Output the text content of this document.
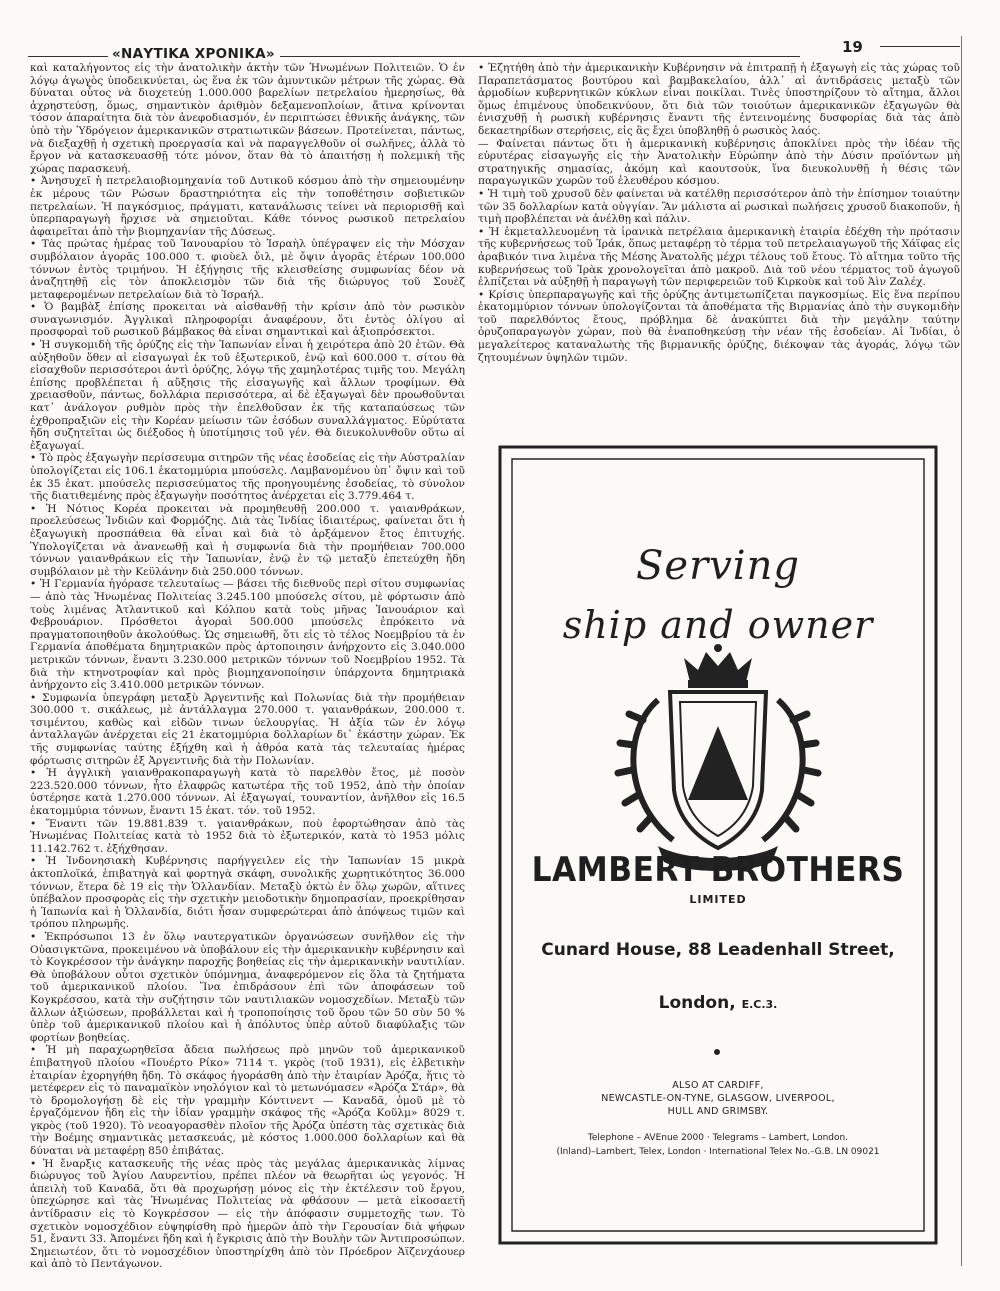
«ΝΑΥΤΙΚΑ ΧΡΟΝΙΚΑ»	19

καὶ καταλήγοντος εἰς τὴν ἀνατολικὴν ἀκτὴν τῶν Ἡνωμένων Πολιτειῶν. Ὁ ἐν λόγῳ ἀγωγὸς ὑποδεικνύεται, ὡς ἕνα ἐκ τῶν ἀμυντικῶν μέτρων τῆς χώρας. Θὰ δύναται οὗτος νὰ διοχετεύῃ 1.000.000 βαρελίων πετρελαίου ἡμερησίως, θὰ ἀχρηστεύσῃ, ὅμως, σημαντικὸν ἀριθμὸν δεξαμενοπλοίων, ἄτινα κρίνονται τόσον ἀπαραίτητα διὰ τὸν ἀνεφοδιασμόν, ἐν περιπτώσει ἐθνικῆς ἀνάγκης, τῶν ὑπὸ τὴν Ὑδρόγειον ἀμερικανικῶν στρατιωτικῶν βάσεων. Προτείνεται, πάντως, νὰ διεξαχθῇ ἡ σχετικὴ προεργασία καὶ νὰ παραγγελθοῦν οἱ σωλῆνες, ἀλλὰ τὸ ἔργον νὰ κατασκευασθῇ τότε μόνον, ὅταν θὰ τὸ ἀπαιτήσῃ ἡ πολεμικὴ τῆς χώρας παρασκευή.

• Ἀνησυχεῖ ἡ πετρελαιοβιομηχανία τοῦ Δυτικοῦ κόσμου ἀπὸ τὴν σημειουμένην ἐκ μέρους τῶν Ρώσων δραστηριότητα εἰς τὴν τοποθέτησιν σοβιετικῶν πετρελαίων. Ἡ παγκόσμιος, πράγματι, κατανάλωσις τείνει νὰ περιορισθῇ καὶ ὑπερπαραγωγὴ ἤρχισε νὰ σημειοῦται. Κάθε τόννος ρωσικοῦ πετρελαίου ἀφαιρεῖται ἀπὸ τὴν βιομηχανίαν τῆς Δύσεως.

• Τὰς πρώτας ἡμέρας τοῦ Ἰανουαρίου τὸ Ἰσραὴλ ὑπέγραψεν εἰς τὴν Μόσχαν συμβόλαιον ἀγορᾶς 100.000 τ. φιοὺελ ὄιλ, μὲ ὄψιν ἀγορᾶς ἑτέρων 100.000 τόννων ἐντὸς τριμήνου. Ἡ ἐξήγησις τῆς κλεισθείσης συμφωνίας δέον νὰ ἀναζητηθῇ εἰς τὸν ἀποκλεισμὸν τῶν διὰ τῆς διώρυγος τοῦ Σουὲζ μεταφερομένων πετρελαίων διὰ τὸ Ἰσραήλ.

• Ὁ βαμβὰξ ἐπίσης προκειται νὰ αἰσθανθῇ τὴν κρίσιν ἀπὸ τὸν ρωσικὸν συναγωνισμόν. Ἀγγλικαὶ πληροφορίαι ἀναφέρουν, ὅτι ἐντὸς ὀλίγου αἱ προσφοραὶ τοῦ ρωσικοῦ βάμβακος θὰ εἶναι σημαντικαὶ καὶ ἀξιοπρόσεκτοι.

• Ἡ συγκομιδὴ τῆς ὀρύζης εἰς τὴν Ἰαπωνίαν εἶναι ἡ χειρότερα ἀπὸ 20 ἐτῶν. Θὰ αὐξηθοῦν ὅθεν αἱ εἰσαγωγαὶ ἐκ τοῦ ἐξωτερικοῦ, ἐνῷ καὶ 600.000 τ. σίτου θὰ εἰσαχθοῦν περισσότεροι ἀντὶ ὀρύζης, λόγῳ τῆς χαμηλοτέρας τιμῆς του. Μεγάλη ἐπίσης προβλέπεται ἡ αὔξησις τῆς εἰσαγωγῆς καὶ ἄλλων τροφίμων. Θὰ χρειασθοῦν, πάντως, δολλάρια περισσότερα, αἱ δὲ ἐξαγωγαὶ δὲν προωθοῦνται κατ᾽ ἀνάλογον ρυθμὸν πρὸς τὴν ἐπελθοῦσαν ἐκ τῆς καταπαύσεως τῶν ἐχθροπραξιῶν εἰς τὴν Κορέαν μείωσιν τῶν ἐσόδων συναλλάγματος. Εὑρύτατα ἤδη συζητεῖται ὡς διέξοδος ἡ ὑποτίμησις τοῦ γέν. Θὰ διευκολυνθοῦν οὕτω αἱ ἐξαγωγαί.

• Τὸ πρὸς ἐξαγωγὴν περίσσευμα σιτηρῶν τῆς νέας ἐσοδείας εἰς τὴν Αὐστραλίαν ὑπολογίζεται εἰς 106.1 ἑκατομμύρια μπούσελς. Λαμβανομένου ὑπ᾽ ὄψιν καὶ τοῦ ἐκ 35 ἑκατ. μπούσελς περισσεύματος τῆς προηγουμένης ἐσοδείας, τὸ σύνολον τῆς διατιθεμένης πρὸς ἐξαγωγὴν ποσότητος ἀνέρχεται εἰς 3.779.464 τ.

• Ἡ Νότιος Κορέα προκειται νὰ προμηθευθῇ 200.000 τ. γαιανθράκων, προελεύσεως Ἰνδιῶν καὶ Φορμόζης. Διὰ τὰς Ἰνδίας ἰδιαιτέρως, φαίνεται ὅτι ἡ ἐξαγωγικὴ προσπάθεια θὰ εἶναι καὶ διὰ τὸ ἀρξάμενον ἔτος ἐπιτυχής. Ὑπολογίζεται νὰ ἀνανεωθῇ καὶ ἡ συμφωνία διὰ τὴν προμήθειαν 700.000 τόννων γαιανθράκων εἰς τὴν Ἰαπωνίαν, ἐνῷ ἐν τῷ μεταξὺ ἐπετεύχθη ἤδη συμβόλαιον μὲ τὴν Κεϋλάνην διὰ 250.000 τόννων.

• Ἡ Γερμανία ἠγόρασε τελευταίως — βάσει τῆς διεθνοῦς περὶ σίτου συμφωνίας — ἀπὸ τὰς Ἡνωμένας Πολιτείας 3.245.100 μπούσελς σίτου, μὲ φόρτωσιν ἀπὸ τοὺς λιμένας Ἀτλαντικοῦ καὶ Κόλπου κατὰ τοὺς μῆνας Ἰανουάριον καὶ Φεβρουάριον. Πρόσθετοι ἀγοραὶ 500.000 μπούσελς ἐπρόκειτο νὰ πραγματοποιηθοῦν ἀκολούθως. Ὡς σημειωθῆ, ὅτι εἰς τὸ τέλος Νοεμβρίου τὰ ἐν Γερμανία ἀποθέματα δημητριακῶν πρὸς ἀρτοποιησιν ἀνήρχοντο εἰς 3.040.000 μετρικῶν τόννων, ἔναντι 3.230.000 μετρικῶν τόννων τοῦ Νοεμβρίου 1952. Τὰ διὰ τὴν κτηνοτροφίαν καὶ πρὸς βιομηχανοποίησιν ὑπάρχοντα δημητριακὰ ἀνήρχοντο εἰς 3.410.000 μετρικῶν τόννων.

• Συμφωνία ὑπεγράφη μεταξὺ Ἀργεντινῆς καὶ Πολωνίας διὰ τὴν προμήθειαν 300.000 τ. σικάλεως, μὲ ἀντάλλαγμα 270.000 τ. γαιανθράκων, 200.000 τ. τσιμέντου, καθὼς καὶ εἰδῶν τινων ὑελουργίας. Ἡ ἀξία τῶν ἐν λόγῳ ἀνταλλαγῶν ἀνέρχεται εἰς 21 ἑκατομμύρια δολλαρίων δι᾽ ἑκάστην χώραν. Ἐκ τῆς συμφωνίας ταύτης ἐξήχθη καὶ ἡ ἀθρόα κατὰ τὰς τελευταίας ἡμέρας φόρτωσις σιτηρῶν ἐξ Ἀργεντινῆς διὰ τὴν Πολωνίαν.

• Ἡ ἀγγλικὴ γαιανθρακοπαραγωγὴ κατὰ τὸ παρελθὸν ἔτος, μὲ ποσὸν 223.520.000 τόννων, ἦτο ἐλαφρῶς κατωτέρα τῆς τοῦ 1952, ἀπὸ τὴν ὁποίαν ὑστέρησε κατὰ 1.270.000 τόννων. Αἱ ἐξαγωγαί, τουναντίον, ἀνῆλθον εἰς 16.5 ἑκατομμύρια τόννων, ἔναντι 15 ἑκατ. τόν. τοῦ 1952.

• Ἔναντι τῶν 19.881.839 τ. γαιανθράκων, ποὺ ἐφορτώθησαν ἀπὸ τὰς Ἡνωμένας Πολιτείας κατὰ τὸ 1952 διὰ τὸ ἐξωτερικόν, κατὰ τὸ 1953 μόλις 11.142.762 τ. ἐξήχθησαν.

• Ἡ Ἰνδονησιακὴ Κυβέρνησις παρήγγειλεν εἰς τὴν Ἰαπωνίαν 15 μικρὰ ἀκτοπλοϊκά, ἐπιβατηγὰ καὶ φορτηγὰ σκάφη, συνολικῆς χωρητικότητος 36.000 τόννων, ἕτερα δὲ 19 εἰς τὴν Ὁλλανδίαν. Μεταξὺ ὀκτὼ ἐν ὅλῳ χωρῶν, αἵτινες ὑπέβαλον προσφορὰς εἰς τὴν σχετικὴν μειοδοτικὴν δημοπρασίαν, προεκρίθησαν ἡ Ἰαπωνία καὶ ἡ Ὁλλανδία, διότι ἦσαν συμφερώτεραι ἀπὸ ἀπόψεως τιμῶν καὶ τρόπου πληρωμῆς.

• Ἐκπρόσωποι 13 ἐν ὅλῳ ναυτεργατικῶν ὀργανώσεων συνῆλθον εἰς τὴν Οὐασιγκτῶνα, προκειμένου νὰ ὑποβάλουν εἰς τὴν ἀμερικανικὴν κυβέρνησιν καὶ τὸ Κογκρέσσον τὴν ἀνάγκην παροχῆς βοηθείας εἰς τὴν ἀμερικανικὴν ναυτιλίαν. Θὰ ὑποβάλουν οὗτοι σχετικὸν ὑπόμνημα, ἀναφερόμενον εἰς ὅλα τὰ ζητήματα τοῦ ἀμερικανικοῦ πλοίου. Ἵνα ἐπιδράσουν ἐπὶ τῶν ἀποφάσεων τοῦ Κογκρέσσου, κατὰ τὴν συζήτησιν τῶν ναυτιλιακῶν νομοσχεδίων. Μεταξὺ τῶν ἄλλων ἀξιώσεων, προβάλλεται καὶ ἡ τροποποίησις τοῦ ὅρου τῶν 50 σὺν 50 % ὑπὲρ τοῦ ἀμερικανικοῦ πλοίου καὶ ἡ ἀπόλυτος ὑπὲρ αὐτοῦ διαφύλαξις τῶν φορτίων βοηθείας.

• Ἡ μὴ παραχωρηθεῖσα ἄδεια πωλήσεως πρὸ μηνῶν τοῦ ἀμερικανικοῦ ἐπιβατηγοῦ πλοίου «Πουέρτο Ρίκο» 7114 τ. γκρὸς (τοῦ 1931), εἰς ἑλβετικὴν ἑταιρίαν ἐχορηγήθη ἤδη. Τὸ σκάφος ἠγοράσθη ἀπὸ τὴν ἑταιρίαν Ἀρόζα, ἥτις τὸ μετέφερεν εἰς τὸ παναμαϊκὸν νηολόγιον καὶ τὸ μετωνόμασεν «Ἀρόζα Στάρ», θὰ τὸ δρομολογήσῃ δὲ εἰς τὴν γραμμὴν Κόντινεντ — Καναδᾶ, ὁμοῦ μὲ τὸ ἐργαζόμενον ἤδη εἰς τὴν ἰδίαν γραμμὴν σκάφος τῆς «Ἀρόζα Κοῦλμ» 8029 τ. γκρὸς (τοῦ 1920). Τὸ νεοαγορασθὲν πλοῖον τῆς Ἀρόζα ὑπέστη τὰς σχετικὰς διὰ τὴν Βοέμης σημαντικὰς μετασκευάς, μὲ κόστος 1.000.000 δολλαρίων καὶ θὰ δύναται νὰ μεταφέρῃ 850 ἐπιβάτας.

• Ἡ ἔναρξις κατασκευῆς τῆς νέας πρὸς τὰς μεγάλας ἀμερικανικὰς λίμνας διώρυγος τοῦ Ἁγίου Λαυρεντίου, πρέπει πλέον νὰ θεωρῆται ὡς γεγονός. Ἡ ἀπειλὴ τοῦ Καναδᾶ, ὅτι θὰ προχωρήσῃ μόνος εἰς τὴν ἐκτέλεσιν τοῦ ἔργου, ὑπεχώρησε καὶ τὰς Ἡνωμένας Πολιτείας νὰ φθάσουν — μετὰ εἰκοσαετῆ ἀντίδρασιν εἰς τὸ Κογκρέσσον — εἰς τὴν ἀπόφασιν συμμετοχῆς των. Τὸ σχετικὸν νομοσχέδιον εὐψηφίσθη πρὸ ἡμερῶν ἀπὸ τὴν Γερουσίαν διὰ ψήφων 51, ἔναντι 33. Ἀπομένει ἤδη καὶ ἡ ἔγκρισις ἀπὸ τὴν Βουλὴν τῶν Ἀντιπροσώπων. Σημειωτέον, ὅτι τὸ νομοσχέδιον ὑποστηρίχθη ἀπὸ τὸν Πρόεδρον Ἀϊζενχάουερ καὶ ἀπὸ τὸ Πεντάγωνον.

• Ἐζητήθη ἀπὸ τὴν ἀμερικανικὴν Κυβέρνησιν νὰ ἐπιτραπῇ ἡ ἐξαγωγὴ εἰς τὰς χώρας τοῦ Παραπετάσματος βουτύρου καὶ βαμβακελαίου, ἀλλ᾽ αἱ ἀντιδράσεις μεταξὺ τῶν ἁρμοδίων κυβερνητικῶν κύκλων εἶναι ποικίλαι. Τινὲς ὑποστηρίζουν τὸ αἴτημα, ἄλλοι ὅμως ἐπιμένους ὑποδεικνύουν, ὅτι διὰ τῶν τοιούτων ἀμερικανικῶν ἐξαγωγῶν θὰ ἐνισχυθῇ ἡ ρωσικὴ κυβέρνησις ἔναντι τῆς ἐντεινομένης δυσφορίας διὰ τὰς ἀπὸ δεκαετηρίδων στερήσεις, εἰς ἃς ἔχει ὑποβληθῇ ὁ ρωσικὸς λαός.

— Φαίνεται πάντως ὅτι ἡ ἀμερικανικὴ κυβέρνησις ἀποκλίνει πρὸς τὴν ἰδέαν τῆς εὐρυτέρας εἰσαγωγῆς εἰς τὴν Ἀνατολικὴν Εὐρώπην ἀπὸ τὴν Δύσιν προϊόντων μὴ στρατηγικῆς σημασίας, ἀκόμη καὶ καουτσούκ, ἵνα διευκολυνθῇ ἡ θέσις τῶν παραγωγικῶν χωρῶν τοῦ ἐλευθέρου κόσμου.

• Ἡ τιμὴ τοῦ χρυσοῦ δὲν φαίνεται νὰ κατέλθῃ περισσότερον ἀπὸ τὴν ἐπίσημον τοιαύτην τῶν 35 δολλαρίων κατὰ οὐγγίαν. Ἂν μάλιστα αἱ ρωσικαὶ πωλήσεις χρυσοῦ διακοποῦν, ἡ τιμὴ προβλέπεται νὰ ἀνέλθῃ καὶ πάλιν.

• Ἡ ἐκμεταλλευομένη τὰ ἰρανικὰ πετρέλαια ἀμερικανικὴ ἑταιρία ἐδέχθη τὴν πρότασιν τῆς κυβερνήσεως τοῦ Ἰράκ, ὅπως μεταφέρῃ τὸ τέρμα τοῦ πετρελαιαγωγοῦ τῆς Χάϊφας εἰς ἀραβικόν τινα λιμένα τῆς Μέσης Ἀνατολῆς μέχρι τέλους τοῦ ἔτους. Τὸ αἴτημα τοῦτο τῆς κυβερνήσεως τοῦ Ἰρὰκ χρονολογεῖται ἀπὸ μακροῦ. Διὰ τοῦ νέου τέρματος τοῦ ἀγωγοῦ ἐλπίζεται νὰ αὐξηθῇ ἡ παραγωγὴ τῶν περιφερειῶν τοῦ Κιρκοὺκ καὶ τοῦ Ἀὶν Ζαλέχ.

• Κρίσις ὑπερπαραγωγῆς καὶ τῆς ὀρύζης ἀντιμετωπίζεται παγκοσμίως. Εἰς ἕνα περίπου ἑκατομμύριον τόννων ὑπολογίζονται τὰ ἀποθέματα τῆς Βιρμανίας ἀπὸ τὴν συγκομιδὴν τοῦ παρελθόντος ἔτους, πρόβλημα δὲ ἀνακύπτει διὰ τὴν μεγάλην ταύτην ὀρυζοπαραγωγὸν χώραν, ποὺ θὰ ἐναποθηκεύσῃ τὴν νέαν τῆς ἐσοδείαν. Αἱ Ἰνδίαι, ὁ μεγαλείτερος καταναλωτὴς τῆς βιρμανικῆς ὀρύζης, διέκοψαν τὰς ἀγοράς, λόγῳ τῶν ζητουμένων ὑψηλῶν τιμῶν.

Serving
ship and owner
LAMBERT BROTHERS
LIMITED
Cunard House, 88 Leadenhall Street,
London, E.C.3.
ALSO AT CARDIFF,
NEWCASTLE-ON-TYNE, GLASGOW, LIVERPOOL,
HULL AND GRIMSBY.
Telephone – AVEnue 2000 · Telegrams – Lambert, London.
(Inland)–Lambert, Telex, London · International Telex No.–G.B. LN 09021
